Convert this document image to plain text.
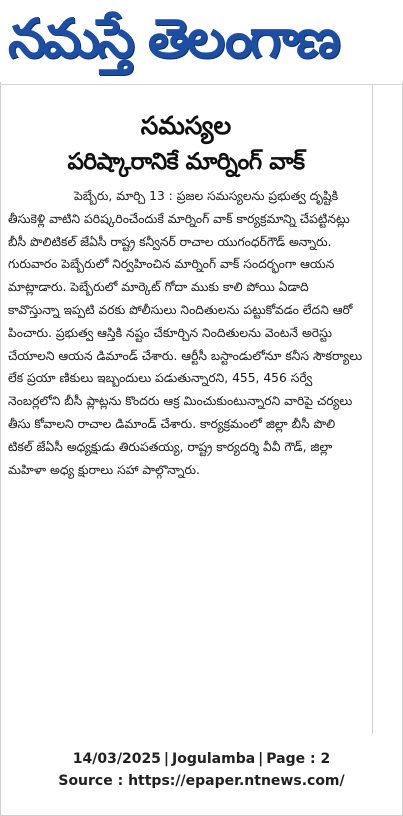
నమస్తే తెలంగాణ
సమస్యల
పరిష్కారానికే మార్నింగ్ వాక్

పెబ్బేరు, మార్చి 13 : ప్రజల సమస్యలను ప్రభుత్వ దృష్టికి తీసుకెళ్లి వాటిని పరిష్కరించేందుకే మార్నింగ్ వాక్ కార్యక్రమాన్ని చేపట్టినట్లు బీసీ పొలిటికల్ జేఏసీ రాష్ట్ర కన్వీనర్ రాచాల యుగంధర్‌గౌడ్ అన్నారు. గురువారం పెబ్బేరులో నిర్వహించిన మార్నింగ్ వాక్ సందర్భంగా ఆయన మాట్లాడారు. పెబ్బేరులో మార్కెట్ గోదా ముకు కాలి పోయి ఏడాది కావొస్తున్నా ఇప్పటి వరకు పోలీసులు నిందితులను పట్టుకోవడం లేదని ఆరో పించారు. ప్రభుత్వ ఆస్తికి నష్టం చేకూర్చిన నిందితులను వెంటనే అరెస్టు చేయాలని ఆయన డిమాండ్ చేశారు. ఆర్టీసీ బస్టాండులోనూ కనీస సౌకర్యాలు లేక ప్రయా ణికులు ఇబ్బందులు పడుతున్నారని, 455, 456 సర్వే నెంబర్లలోని బీసీ ప్లాట్లను కొందరు ఆక్ర మించుకుంటున్నారని వారిపై చర్యలు తీసు కోవాలని రాచాల డిమాండ్ చేశారు. కార్యక్రమంలో జిల్లా బీసీ పొలి టికల్ జేఏసీ అధ్యక్షుడు తిరుపతయ్య, రాష్ట్ర కార్యదర్శి వీవీ గౌడ్, జిల్లా మహిళా అధ్య క్షురాలు సహా పాల్గొన్నారు.

14/03/2025 | Jogulamba | Page : 2
Source : https://epaper.ntnews.com/
